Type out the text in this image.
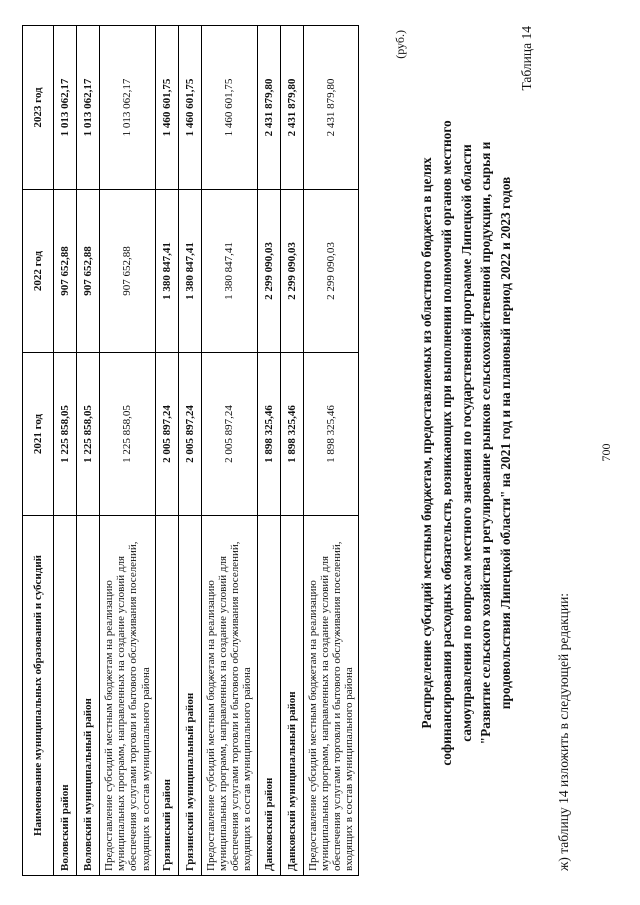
700
ж) таблицу 14 изложить в следующей редакции:
Таблица 14

Распределение субсидий местным бюджетам, предоставляемых из областного бюджета в целях софинансирования расходных обязательств, возникающих при выполнении полномочий органов местного самоуправления по вопросам местного значения по государственной программе Липецкой области "Развитие сельского хозяйства и регулирование рынков сельскохозяйственной продукции, сырья и продовольствия Липецкой области" на 2021 год и на плановый период 2022 и 2023 годов

(руб.)
Наименование муниципальных образований и субсидий	2021 год	2022 год	2023 год
Воловский район	1 225 858,05	907 652,88	1 013 062,17
Воловский муниципальный район	1 225 858,05	907 652,88	1 013 062,17
Предоставление субсидий местным бюджетам на реализацию муниципальных программ, направленных на создание условий для обеспечения услугами торговли и бытового обслуживания поселений, входящих в состав муниципального района	1 225 858,05	907 652,88	1 013 062,17
Грязинский район	2 005 897,24	1 380 847,41	1 460 601,75
Грязинский муниципальный район	2 005 897,24	1 380 847,41	1 460 601,75
Предоставление субсидий местным бюджетам на реализацию муниципальных программ, направленных на создание условий для обеспечения услугами торговли и бытового обслуживания поселений, входящих в состав муниципального района	2 005 897,24	1 380 847,41	1 460 601,75
Данковский район	1 898 325,46	2 299 090,03	2 431 879,80
Данковский муниципальный район	1 898 325,46	2 299 090,03	2 431 879,80
Предоставление субсидий местным бюджетам на реализацию муниципальных программ, направленных на создание условий для обеспечения услугами торговли и бытового обслуживания поселений, входящих в состав муниципального района	1 898 325,46	2 299 090,03	2 431 879,80
